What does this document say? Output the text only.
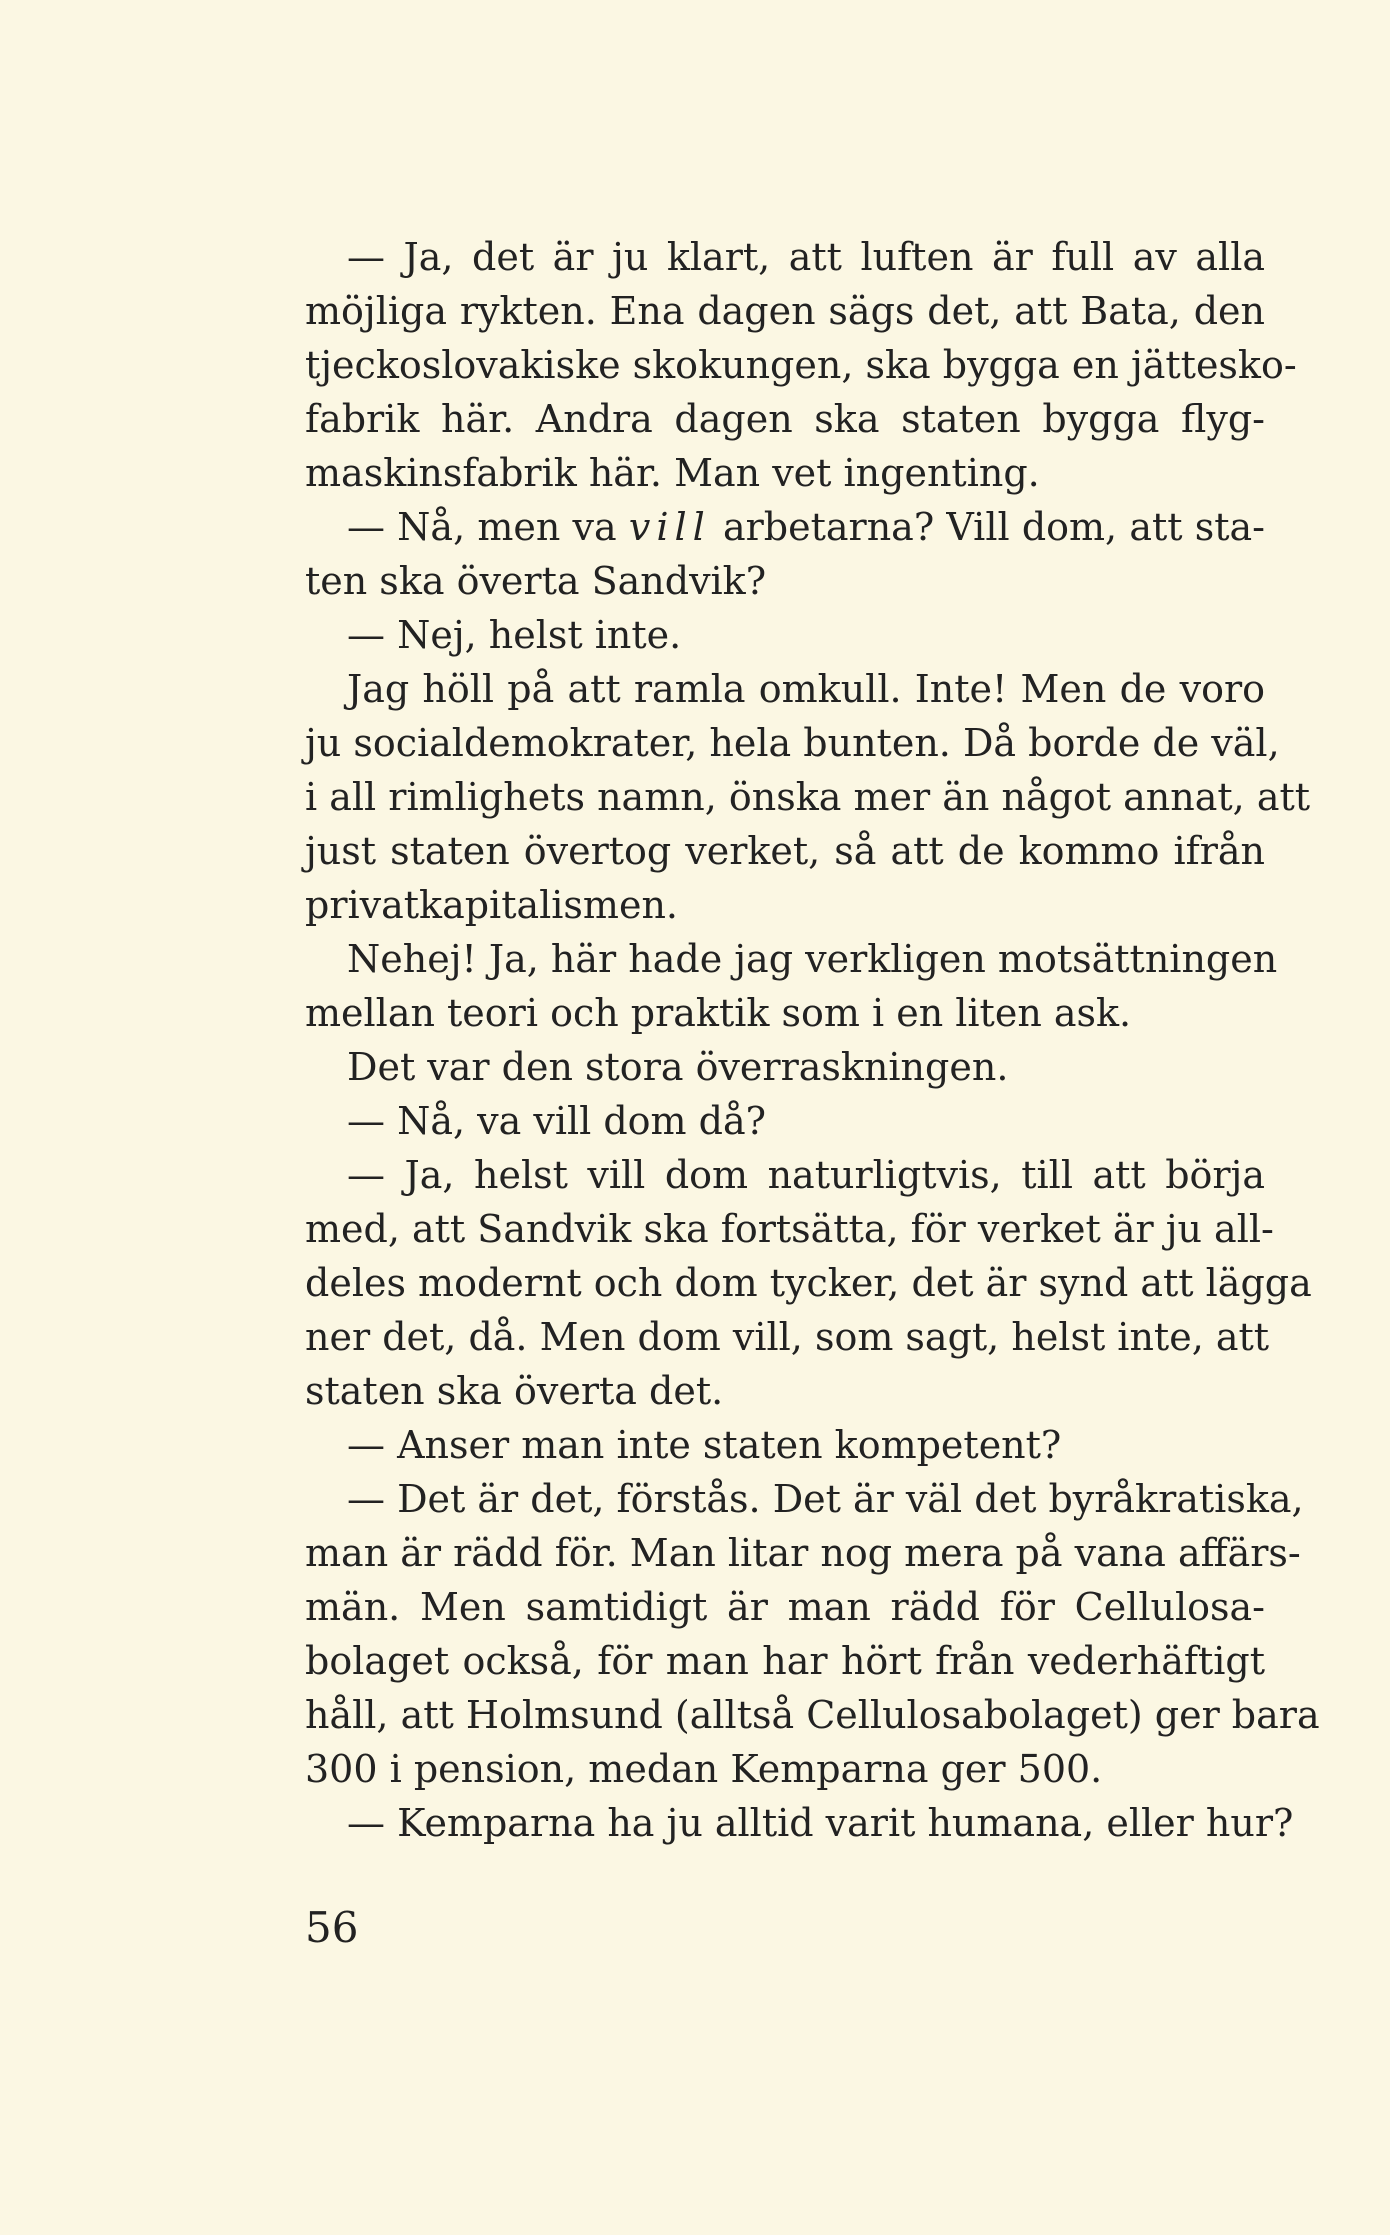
— Ja, det är ju klart, att luften är full av alla
möjliga rykten. Ena dagen sägs det, att Bata, den
tjeckoslovakiske skokungen, ska bygga en jättesko-
fabrik här. Andra dagen ska staten bygga flyg-
maskinsfabrik här. Man vet ingenting.
— Nå, men va vill arbetarna? Vill dom, att sta-
ten ska överta Sandvik?
— Nej, helst inte.
Jag höll på att ramla omkull. Inte! Men de voro
ju socialdemokrater, hela bunten. Då borde de väl,
i all rimlighets namn, önska mer än något annat, att
just staten övertog verket, så att de kommo ifrån
privatkapitalismen.
Nehej! Ja, här hade jag verkligen motsättningen
mellan teori och praktik som i en liten ask.
Det var den stora överraskningen.
— Nå, va vill dom då?
— Ja, helst vill dom naturligtvis, till att börja
med, att Sandvik ska fortsätta, för verket är ju all-
deles modernt och dom tycker, det är synd att lägga
ner det, då. Men dom vill, som sagt, helst inte, att
staten ska överta det.
— Anser man inte staten kompetent?
— Det är det, förstås. Det är väl det byråkratiska,
man är rädd för. Man litar nog mera på vana affärs-
män. Men samtidigt är man rädd för Cellulosa-
bolaget också, för man har hört från vederhäftigt
håll, att Holmsund (alltså Cellulosabolaget) ger bara
300 i pension, medan Kemparna ger 500.
— Kemparna ha ju alltid varit humana, eller hur?
56
